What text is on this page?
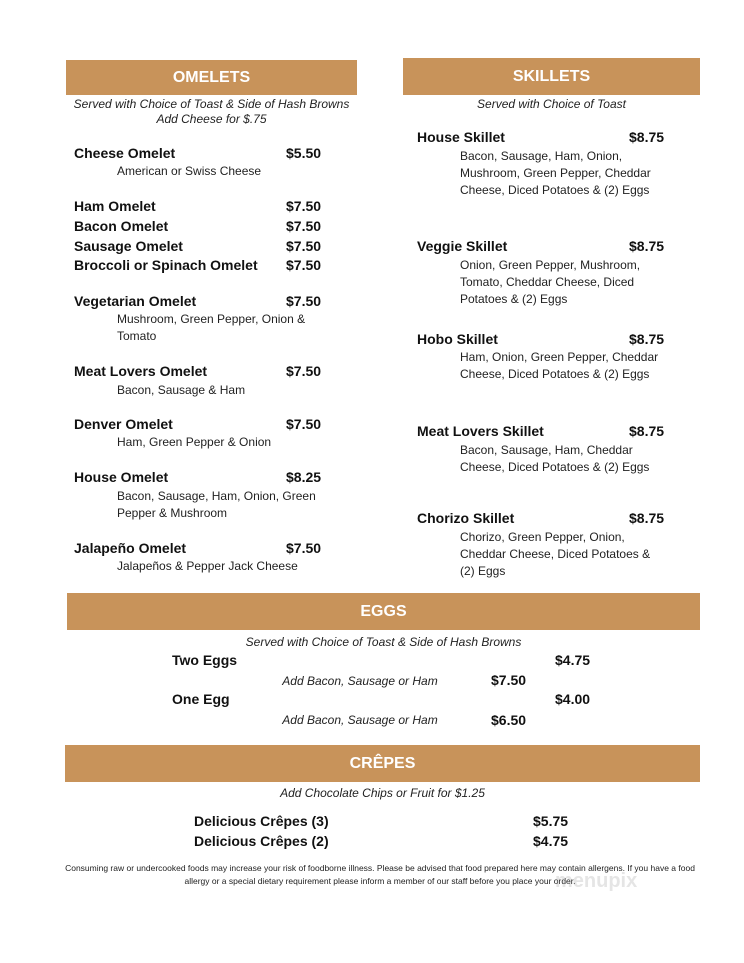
OMELETS
Served with Choice of Toast & Side of Hash Browns
Add Cheese for $.75
Cheese Omelet	$5.50
American or Swiss Cheese
Ham Omelet	$7.50
Bacon Omelet	$7.50
Sausage Omelet	$7.50
Broccoli or Spinach Omelet $7.50
Vegetarian Omelet	$7.50
Mushroom, Green Pepper, Onion & Tomato
Meat Lovers Omelet	$7.50
Bacon, Sausage & Ham
Denver Omelet	$7.50
Ham, Green Pepper & Onion
House Omelet	$8.25
Bacon, Sausage, Ham, Onion, Green Pepper & Mushroom
Jalapeño Omelet	$7.50
Jalapeños & Pepper Jack Cheese
SKILLETS
Served with Choice of Toast
House Skillet	$8.75
Bacon, Sausage, Ham, Onion, Mushroom, Green Pepper, Cheddar Cheese, Diced Potatoes & (2) Eggs
Veggie Skillet	$8.75
Onion, Green Pepper, Mushroom, Tomato, Cheddar Cheese, Diced Potatoes & (2) Eggs
Hobo Skillet	$8.75
Ham, Onion, Green Pepper, Cheddar Cheese, Diced Potatoes & (2) Eggs
Meat Lovers Skillet	$8.75
Bacon, Sausage, Ham, Cheddar Cheese, Diced Potatoes & (2) Eggs
Chorizo Skillet	$8.75
Chorizo, Green Pepper, Onion, Cheddar Cheese, Diced Potatoes & (2) Eggs
EGGS
Served with Choice of Toast & Side of Hash Browns
Two Eggs	$4.75
Add Bacon, Sausage or Ham	$7.50
One Egg	$4.00
Add Bacon, Sausage or Ham	$6.50
CRÊPES
Add Chocolate Chips or Fruit for $1.25
Delicious Crêpes (3)	$5.75
Delicious Crêpes (2)	$4.75
Consuming raw or undercooked foods may increase your risk of foodborne illness. Please be advised that food prepared here may contain allergens. If you have a food allergy or a special dietary requirement please inform a member of our staff before you place your order.
menupix
